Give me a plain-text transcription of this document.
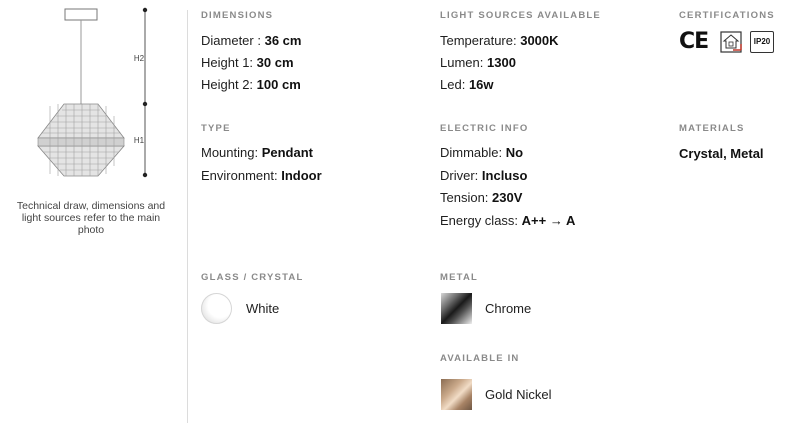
H2
H1
Technical draw, dimensions and light sources refer to the main photo
DIMENSIONS
Diameter : 36 cm
Height 1: 30 cm
Height 2: 100 cm
LIGHT SOURCES AVAILABLE
Temperature: 3000K
Lumen: 1300
Led: 16w
CERTIFICATIONS
CE	IP20
TYPE
Mounting: Pendant
Environment: Indoor
ELECTRIC INFO
Dimmable: No
Driver: Incluso
Tension: 230V
Energy class: A++ → A
MATERIALS
Crystal, Metal
GLASS / CRYSTAL
White
METAL
Chrome
AVAILABLE IN
Gold Nickel
